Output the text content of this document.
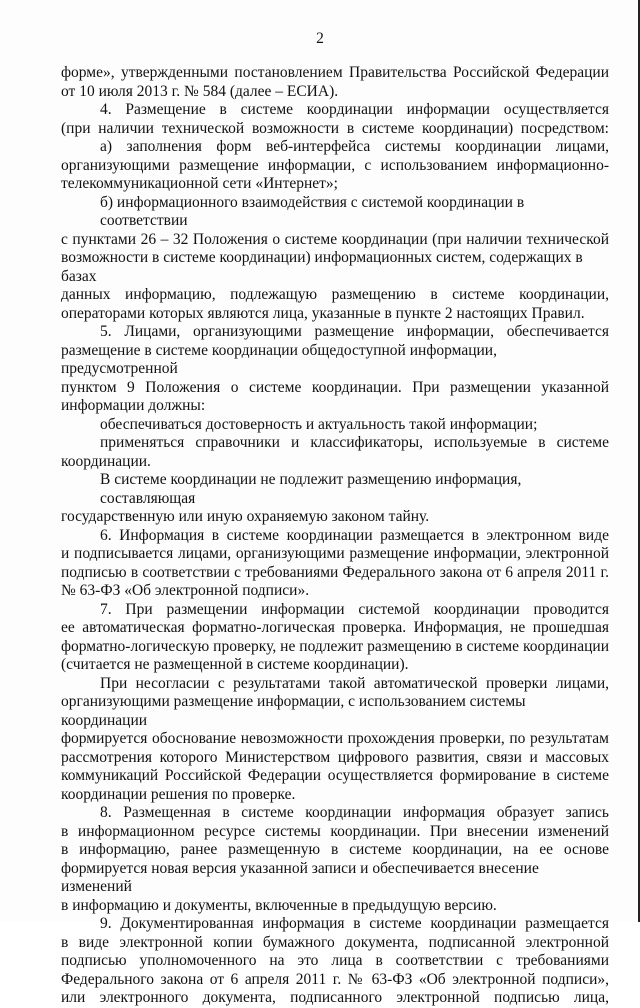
2
форме», утвержденными постановлением Правительства Российской Федерации
от 10 июля 2013 г. № 584 (далее – ЕСИА).
4. Размещение в системе координации информации осуществляется
(при наличии технической возможности в системе координации) посредством:
а) заполнения форм веб-интерфейса системы координации лицами,
организующими размещение информации, с использованием информационно-
телекоммуникационной сети «Интернет»;
б) информационного взаимодействия с системой координации в соответствии
с пунктами 26 – 32 Положения о системе координации (при наличии технической
возможности в системе координации) информационных систем, содержащих в базах
данных информацию, подлежащую размещению в системе координации,
операторами которых являются лица, указанные в пункте 2 настоящих Правил.
5. Лицами, организующими размещение информации, обеспечивается
размещение в системе координации общедоступной информации, предусмотренной
пунктом 9 Положения о системе координации. При размещении указанной
информации должны:
обеспечиваться достоверность и актуальность такой информации;
применяться справочники и классификаторы, используемые в системе
координации.
В системе координации не подлежит размещению информация, составляющая
государственную или иную охраняемую законом тайну.
6. Информация в системе координации размещается в электронном виде
и подписывается лицами, организующими размещение информации, электронной
подписью в соответствии с требованиями Федерального закона от 6 апреля 2011 г.
№ 63-ФЗ «Об электронной подписи».
7. При размещении информации системой координации проводится
ее автоматическая форматно-логическая проверка. Информация, не прошедшая
форматно-логическую проверку, не подлежит размещению в системе координации
(считается не размещенной в системе координации).
При несогласии с результатами такой автоматической проверки лицами,
организующими размещение информации, с использованием системы координации
формируется обоснование невозможности прохождения проверки, по результатам
рассмотрения которого Министерством цифрового развития, связи и массовых
коммуникаций Российской Федерации осуществляется формирование в системе
координации решения по проверке.
8. Размещенная в системе координации информация образует запись
в информационном ресурсе системы координации. При внесении изменений
в информацию, ранее размещенную в системе координации, на ее основе
формируется новая версия указанной записи и обеспечивается внесение изменений
в информацию и документы, включенные в предыдущую версию.
9. Документированная информация в системе координации размещается
в виде электронной копии бумажного документа, подписанной электронной
подписью уполномоченного на это лица в соответствии с требованиями
Федерального закона от 6 апреля 2011 г. № 63-ФЗ «Об электронной подписи»,
или электронного документа, подписанного электронной подписью лица,
